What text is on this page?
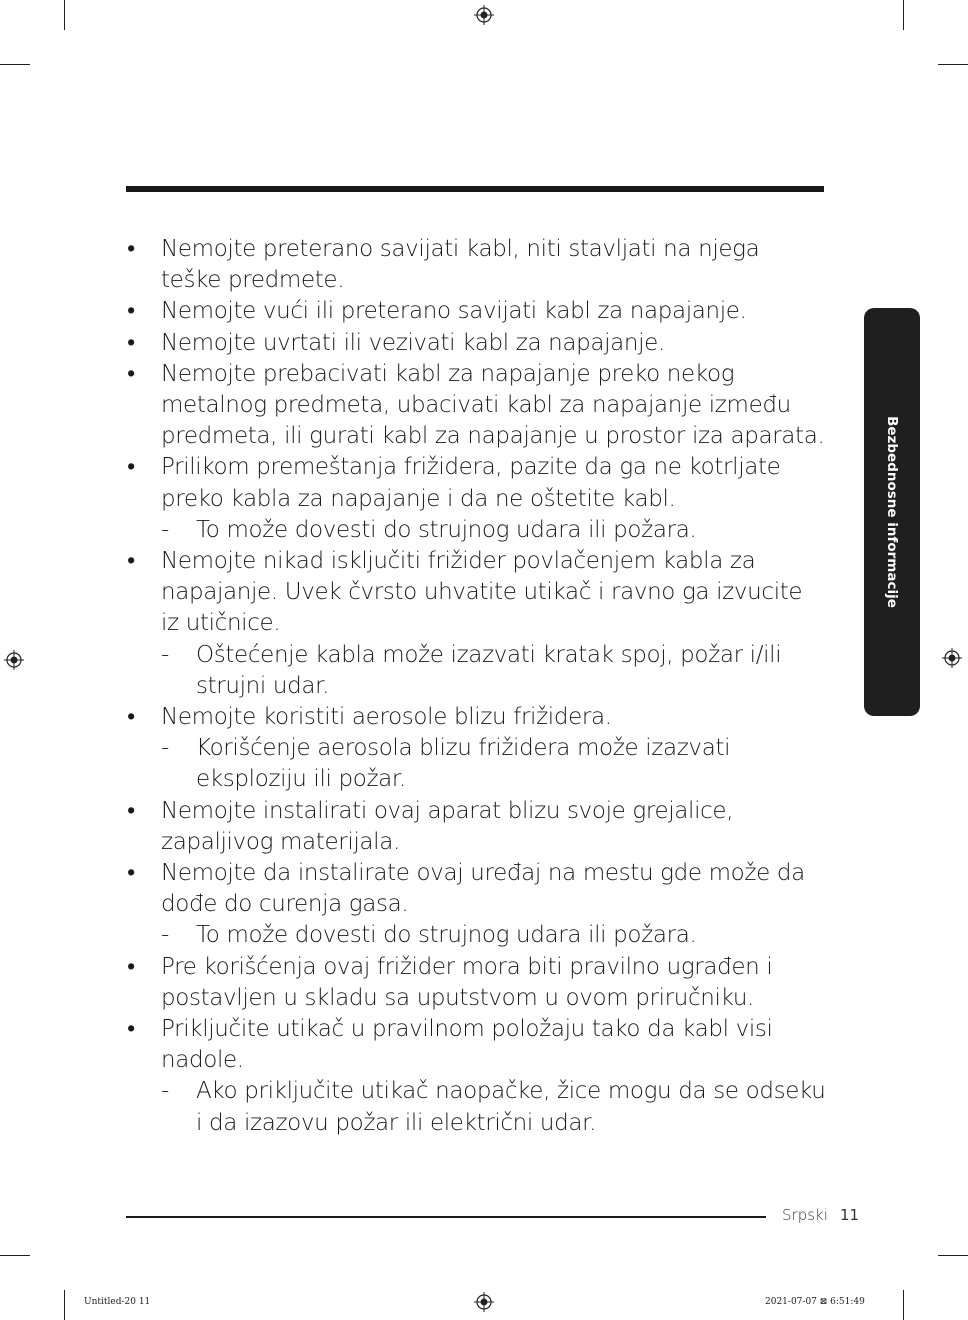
Bezbednosne informacije
• Nemojte preterano savijati kabl, niti stavljati na njega
teške predmete.
• Nemojte vući ili preterano savijati kabl za napajanje.
• Nemojte uvrtati ili vezivati kabl za napajanje.
• Nemojte prebacivati kabl za napajanje preko nekog
metalnog predmeta, ubacivati kabl za napajanje između
predmeta, ili gurati kabl za napajanje u prostor iza aparata.
• Prilikom premeštanja frižidera, pazite da ga ne kotrljate
preko kabla za napajanje i da ne oštetite kabl.
- To može dovesti do strujnog udara ili požara.
• Nemojte nikad isključiti frižider povlačenjem kabla za
napajanje. Uvek čvrsto uhvatite utikač i ravno ga izvucite
iz utičnice.
- Oštećenje kabla može izazvati kratak spoj, požar i/ili
strujni udar.
• Nemojte koristiti aerosole blizu frižidera.
- Korišćenje aerosola blizu frižidera može izazvati
eksploziju ili požar.
• Nemojte instalirati ovaj aparat blizu svoje grejalice,
zapaljivog materijala.
• Nemojte da instalirate ovaj uređaj na mestu gde može da
dođe do curenja gasa.
- To može dovesti do strujnog udara ili požara.
• Pre korišćenja ovaj frižider mora biti pravilno ugrađen i
postavljen u skladu sa uputstvom u ovom priručniku.
• Priključite utikač u pravilnom položaju tako da kabl visi
nadole.
- Ako priključite utikač naopačke, žice mogu da se odseku
i da izazovu požar ili električni udar.
Srpski 11
Untitled-20 11	2021-07-07 ⊠ 6:51:49
